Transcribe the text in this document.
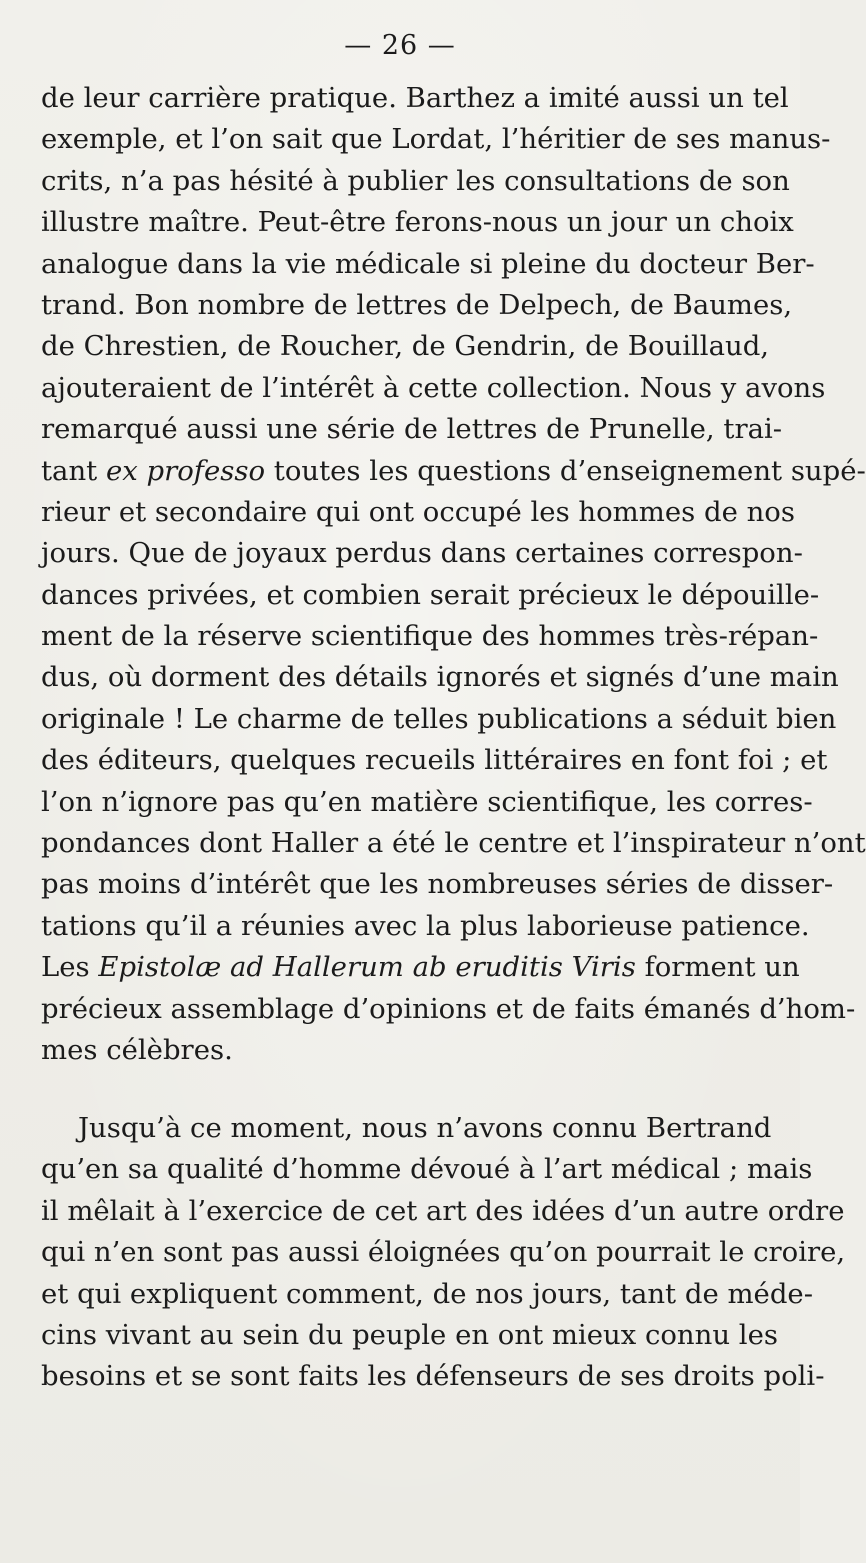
— 26 —
de leur carrière pratique. Barthez a imité aussi un tel
exemple, et l’on sait que Lordat, l’héritier de ses manus-
crits, n’a pas hésité à publier les consultations de son
illustre maître. Peut-être ferons-nous un jour un choix
analogue dans la vie médicale si pleine du docteur Ber-
trand. Bon nombre de lettres de Delpech, de Baumes,
de Chrestien, de Roucher, de Gendrin, de Bouillaud,
ajouteraient de l’intérêt à cette collection. Nous y avons
remarqué aussi une série de lettres de Prunelle, trai-
tant ex professo toutes les questions d’enseignement supé-
rieur et secondaire qui ont occupé les hommes de nos
jours. Que de joyaux perdus dans certaines correspon-
dances privées, et combien serait précieux le dépouille-
ment de la réserve scientifique des hommes très-répan-
dus, où dorment des détails ignorés et signés d’une main
originale ! Le charme de telles publications a séduit bien
des éditeurs, quelques recueils littéraires en font foi ; et
l’on n’ignore pas qu’en matière scientifique, les corres-
pondances dont Haller a été le centre et l’inspirateur n’ont
pas moins d’intérêt que les nombreuses séries de disser-
tations qu’il a réunies avec la plus laborieuse patience.
Les Epistolæ ad Hallerum ab eruditis Viris forment un
précieux assemblage d’opinions et de faits émanés d’hom-
mes célèbres.
Jusqu’à ce moment, nous n’avons connu Bertrand
qu’en sa qualité d’homme dévoué à l’art médical ; mais
il mêlait à l’exercice de cet art des idées d’un autre ordre
qui n’en sont pas aussi éloignées qu’on pourrait le croire,
et qui expliquent comment, de nos jours, tant de méde-
cins vivant au sein du peuple en ont mieux connu les
besoins et se sont faits les défenseurs de ses droits poli-
